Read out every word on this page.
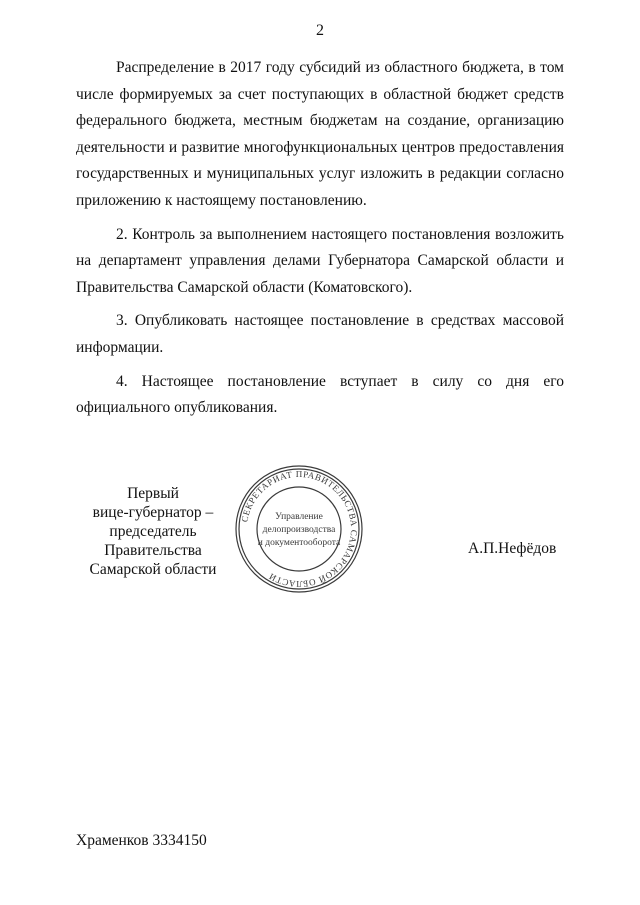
2

Распределение в 2017 году субсидий из областного бюджета, в том числе формируемых за счет поступающих в областной бюджет средств федерального бюджета, местным бюджетам на создание, организацию деятельности и развитие многофункциональных центров предоставления государственных и муниципальных услуг изложить в редакции согласно приложению к настоящему постановлению.

2. Контроль за выполнением настоящего постановления возложить на департамент управления делами Губернатора Самарской области и Правительства Самарской области (Коматовского).

3. Опубликовать настоящее постановление в средствах массовой информации.

4. Настоящее постановление вступает в силу со дня его официального опубликования.

Первый
вице-губернатор –
председатель Правительства
Самарской области
А.П.Нефёдов
СЕКРЕТАРИАТ ПРАВИТЕЛЬСТВА САМАРСКОЙ ОБЛАСТИ
Управление
делопроизводства
и документооборота
Храменков 3334150
